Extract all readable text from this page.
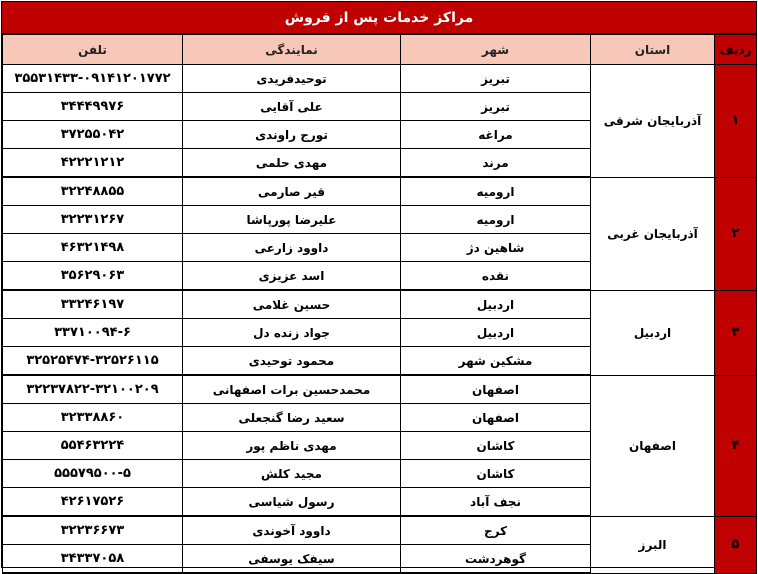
مراکز خدمات پس از فروش
تلفن	نمایندگی	شهر	استان	ردیف
۳۵۵۳۱۴۳۳-۰۹۱۴۱۲۰۱۷۷۲	توحیدفریدی	تبریز	آذربایجان شرقی	۱
۳۴۴۴۹۹۷۶	علی آقایی	تبریز		
۳۷۲۵۵۰۴۲	تورج راوندی	مراغه		
۴۲۲۲۱۲۱۲	مهدی حلمی	مرند		
۳۲۲۴۸۸۵۵	قیر صارمی	ارومیه	آذربایجان غربی	۲
۳۲۲۳۱۲۶۷	علیرضا پورپاشا	ارومیه		
۴۶۳۲۱۴۹۸	داوود زارعی	شاهین دژ		
۳۵۶۲۹۰۶۳	اسد عزیزی	نقده		
۳۳۲۴۶۱۹۷	حسین غلامی	اردبیل	اردبیل	۳
۳۳۷۱۰۰۹۴-۶	جواد زنده دل	اردبیل		
۳۲۵۲۵۴۷۴-۳۲۵۲۶۱۱۵	محمود توحیدی	مشکین شهر		
۳۲۲۳۷۸۲۲-۳۲۱۰۰۲۰۹	محمدحسین برات اصفهانی	اصفهان	اصفهان	۴
۳۲۳۳۸۸۶۰	سعید رضا گنجعلی	اصفهان		
۵۵۴۶۳۲۲۴	مهدی ناظم پور	کاشان		
۵۵۵۷۹۵۰۰-۵	مجید کلش	کاشان		
۴۲۶۱۷۵۲۶	رسول شیاسی	نجف آباد		
۳۲۲۳۶۶۷۳	داوود آخوندی	کرج	البرز	۵
۳۴۳۳۷۰۵۸	سیفک یوسفی	گوهردشت		
